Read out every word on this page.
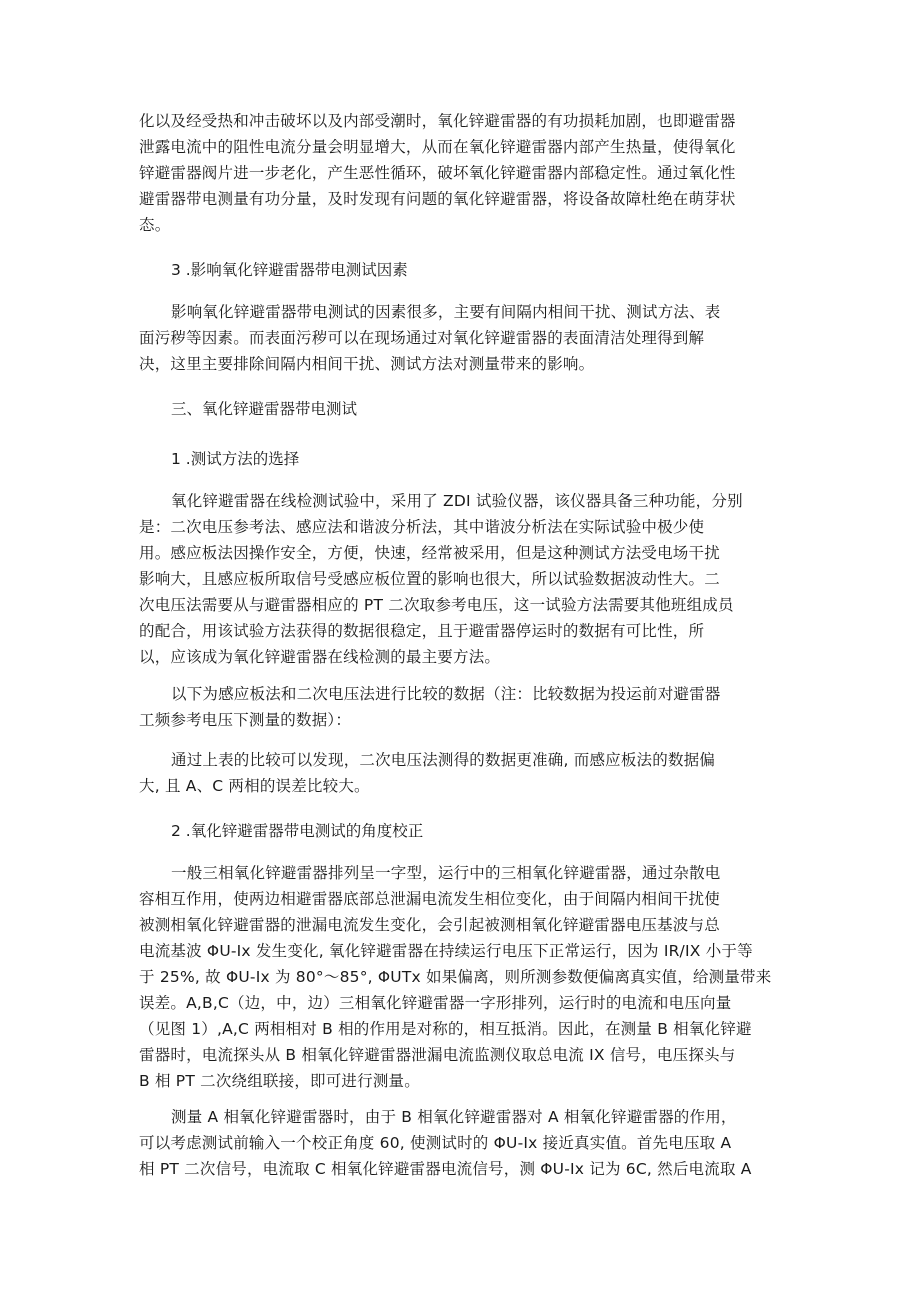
化以及经受热和冲击破坏以及内部受潮时，氧化锌避雷器的有功损耗加剧，也即避雷器
泄露电流中的阻性电流分量会明显增大，从而在氧化锌避雷器内部产生热量，使得氧化
锌避雷器阀片进一步老化，产生恶性循环，破坏氧化锌避雷器内部稳定性。通过氧化性
避雷器带电测量有功分量，及时发现有问题的氧化锌避雷器，将设备故障杜绝在萌芽状
态。
3 .影响氧化锌避雷器带电测试因素
影响氧化锌避雷器带电测试的因素很多，主要有间隔内相间干扰、测试方法、表
面污秽等因素。而表面污秽可以在现场通过对氧化锌避雷器的表面清洁处理得到解
决，这里主要排除间隔内相间干扰、测试方法对测量带来的影响。
三、氧化锌避雷器带电测试
1 .测试方法的选择
氧化锌避雷器在线检测试验中，采用了 ZDI 试验仪器，该仪器具备三种功能，分别
是：二次电压参考法、感应法和谐波分析法，其中谐波分析法在实际试验中极少使
用。感应板法因操作安全，方便，快速，经常被采用，但是这种测试方法受电场干扰
影响大，且感应板所取信号受感应板位置的影响也很大，所以试验数据波动性大。二
次电压法需要从与避雷器相应的 PT 二次取参考电压，这一试验方法需要其他班组成员
的配合，用该试验方法获得的数据很稳定，且于避雷器停运时的数据有可比性，所
以，应该成为氧化锌避雷器在线检测的最主要方法。
以下为感应板法和二次电压法进行比较的数据（注：比较数据为投运前对避雷器
工频参考电压下测量的数据）：
通过上表的比较可以发现，二次电压法测得的数据更准确, 而感应板法的数据偏
大, 且 A、C 两相的误差比较大。
2 .氧化锌避雷器带电测试的角度校正
一般三相氧化锌避雷器排列呈一字型，运行中的三相氧化锌避雷器，通过杂散电
容相互作用，使两边相避雷器底部总泄漏电流发生相位变化，由于间隔内相间干扰使
被测相氧化锌避雷器的泄漏电流发生变化，会引起被测相氧化锌避雷器电压基波与总
电流基波 ΦU-Ix 发生变化, 氧化锌避雷器在持续运行电压下正常运行，因为 IR/IX 小于等
于 25%, 故 ΦU-Ix 为 80°～85°, ΦUTx 如果偏离，则所测参数便偏离真实值，给测量带来
误差。A,B,C（边，中，边）三相氧化锌避雷器一字形排列，运行时的电流和电压向量
（见图 1）,A,C 两相相对 B 相的作用是对称的，相互抵消。因此，在测量 B 相氧化锌避
雷器时，电流探头从 B 相氧化锌避雷器泄漏电流监测仪取总电流 IX 信号，电压探头与
B 相 PT 二次绕组联接，即可进行测量。
测量 A 相氧化锌避雷器时，由于 B 相氧化锌避雷器对 A 相氧化锌避雷器的作用，
可以考虑测试前输入一个校正角度 60, 使测试时的 ΦU-Ix 接近真实值。首先电压取 A
相 PT 二次信号，电流取 C 相氧化锌避雷器电流信号，测 ΦU-Ix 记为 6C, 然后电流取 A
